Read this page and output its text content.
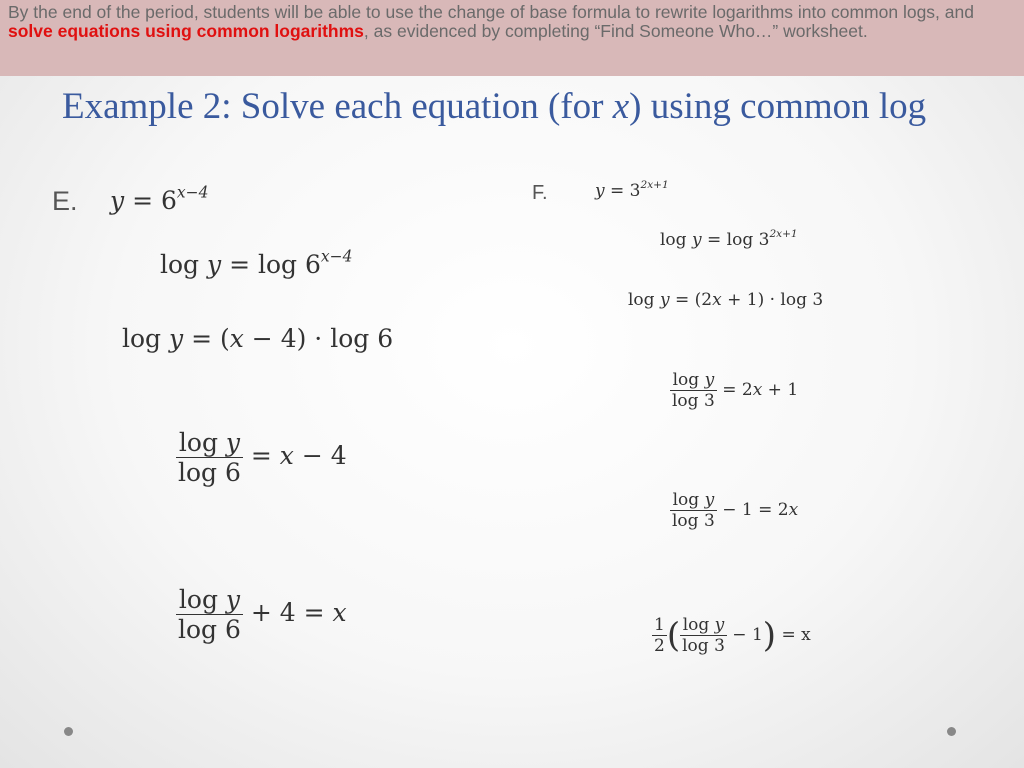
By the end of the period, students will be able to use the change of base formula to rewrite logarithms into common logs, and solve equations using common logarithms, as evidenced by completing “Find Someone Who…” worksheet.
Example 2: Solve each equation (for x) using common log
E. $y = 6^{x-4}$
$\log y = \log 6^{x-4}$
log y = (x − 4) · log 6
$\frac{\text{log y}}{\log 6} = x - 4$
$\frac{\text{log y}}{\log 6} + 4 = x$
F.	$y = 3^{2x+1}$
$\log y = \log 3^{2x+1}$
log y = (2x + 1) · log 3
$\frac{\text{log y}}{\log 3} = 2x + 1$
$\frac{\text{log y}}{\log 3} - 1 = 2x$
$\frac{1}{2}$ ( $\frac{\text{log y}}{\log 3} - 1) = x$
